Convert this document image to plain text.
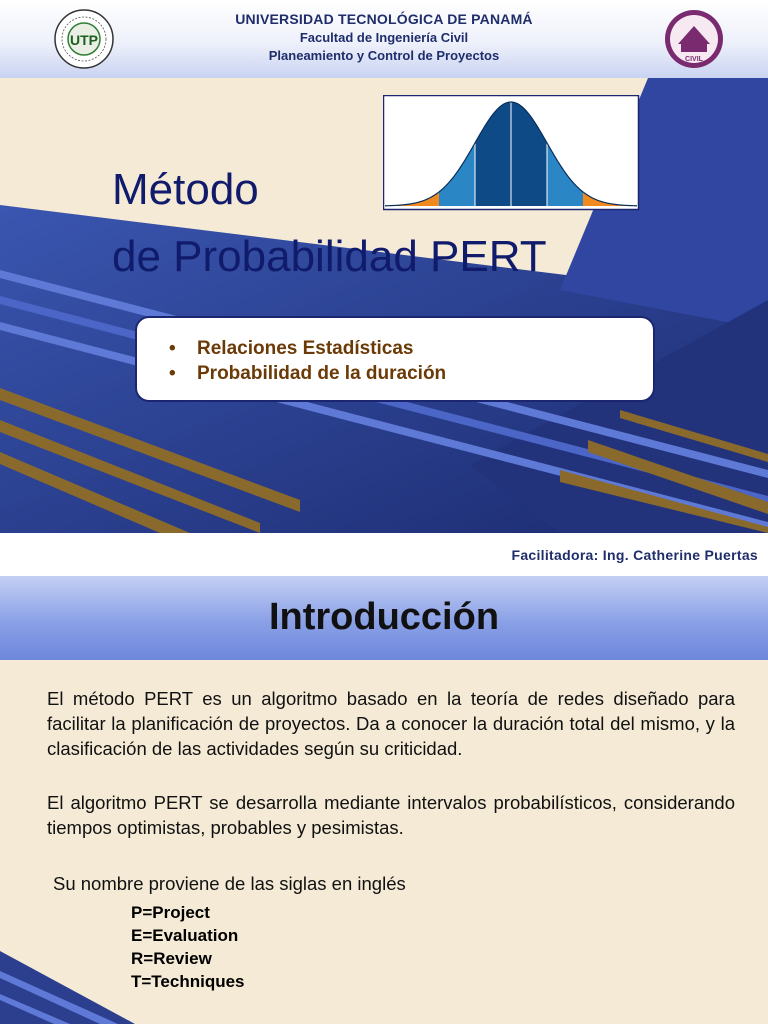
UTP
UNIVERSIDAD TECNOLÓGICA DE PANAMÁ
Facultad de Ingeniería Civil
Planeamiento y Control de Proyectos	CIVIL
Método
de Probabilidad PERT
• Relaciones Estadísticas
• Probabilidad de la duración
Facilitadora: Ing. Catherine Puertas
Introducción
El método PERT es un algoritmo basado en la teoría de redes diseñado para facilitar la planificación de proyectos. Da a conocer la duración total del mismo, y la clasificación de las actividades según su criticidad.
El algoritmo PERT se desarrolla mediante intervalos probabilísticos, considerando tiempos optimistas, probables y pesimistas.
Su nombre proviene de las siglas en inglés
P=Project
E=Evaluation
R=Review
T=Techniques
